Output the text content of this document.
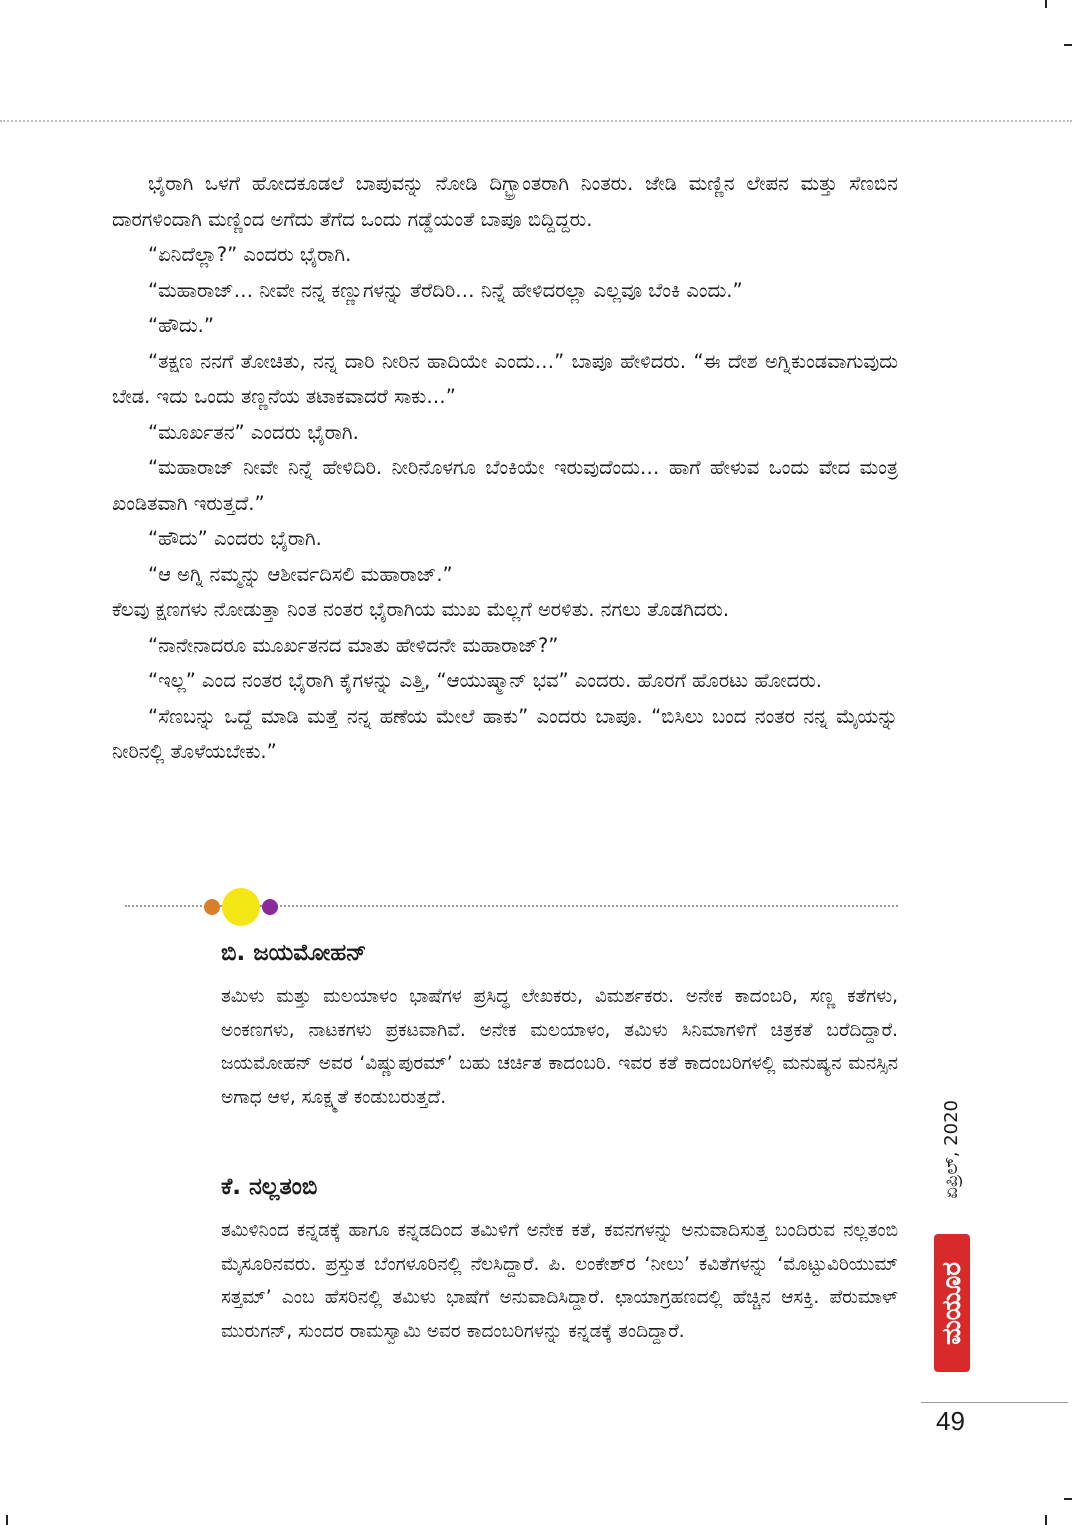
ಭೈರಾಗಿ ಒಳಗೆ ಹೋದಕೂಡಲೆ ಬಾಪುವನ್ನು ನೋಡಿ ದಿಗ್ಭ್ರಾಂತರಾಗಿ ನಿಂತರು. ಜೇಡಿ ಮಣ್ಣಿನ ಲೇಪನ ಮತ್ತು ಸೆಣಬಿನ ದಾರಗಳಿಂದಾಗಿ ಮಣ್ಣಿಂದ ಅಗೆದು ತೆಗೆದ ಒಂದು ಗಡ್ಡೆಯಂತೆ ಬಾಪೂ ಬಿದ್ದಿದ್ದರು.

“ಏನಿದೆಲ್ಲಾ?” ಎಂದರು ಭೈರಾಗಿ.

“ಮಹಾರಾಜ್… ನೀವೇ ನನ್ನ ಕಣ್ಣುಗಳನ್ನು ತೆರೆದಿರಿ… ನಿನ್ನೆ ಹೇಳಿದರಲ್ಲಾ ಎಲ್ಲವೂ ಬೆಂಕಿ ಎಂದು.”

“ಹೌದು.”

“ತಕ್ಷಣ ನನಗೆ ತೋಚಿತು, ನನ್ನ ದಾರಿ ನೀರಿನ ಹಾದಿಯೇ ಎಂದು…” ಬಾಪೂ ಹೇಳಿದರು. “ಈ ದೇಶ ಅಗ್ನಿಕುಂಡವಾಗುವುದು ಬೇಡ. ಇದು ಒಂದು ತಣ್ಣನೆಯ ತಟಾಕವಾದರೆ ಸಾಕು…”

“ಮೂರ್ಖತನ” ಎಂದರು ಭೈರಾಗಿ.

“ಮಹಾರಾಜ್ ನೀವೇ ನಿನ್ನೆ ಹೇಳಿದಿರಿ. ನೀರಿನೊಳಗೂ ಬೆಂಕಿಯೇ ಇರುವುದೆಂದು… ಹಾಗೆ ಹೇಳುವ ಒಂದು ವೇದ ಮಂತ್ರ ಖಂಡಿತವಾಗಿ ಇರುತ್ತದೆ.”

“ಹೌದು” ಎಂದರು ಭೈರಾಗಿ.

“ಆ ಅಗ್ನಿ ನಮ್ಮನ್ನು ಆಶೀರ್ವದಿಸಲಿ ಮಹಾರಾಜ್.”

ಕೆಲವು ಕ್ಷಣಗಳು ನೋಡುತ್ತಾ ನಿಂತ ನಂತರ ಭೈರಾಗಿಯ ಮುಖ ಮೆಲ್ಲಗೆ ಅರಳಿತು. ನಗಲು ತೊಡಗಿದರು.

“ನಾನೇನಾದರೂ ಮೂರ್ಖತನದ ಮಾತು ಹೇಳಿದನೇ ಮಹಾರಾಜ್?”

“ಇಲ್ಲ” ಎಂದ ನಂತರ ಭೈರಾಗಿ ಕೈಗಳನ್ನು ಎತ್ತಿ, “ಆಯುಷ್ಮಾನ್ ಭವ” ಎಂದರು. ಹೊರಗೆ ಹೊರಟು ಹೋದರು.

“ಸೆಣಬನ್ನು ಒದ್ದೆ ಮಾಡಿ ಮತ್ತೆ ನನ್ನ ಹಣೆಯ ಮೇಲೆ ಹಾಕು” ಎಂದರು ಬಾಪೂ. “ಬಿಸಿಲು ಬಂದ ನಂತರ ನನ್ನ ಮೈಯನ್ನು ನೀರಿನಲ್ಲಿ ತೊಳೆಯಬೇಕು.”

ಬಿ. ಜಯಮೋಹನ್

ತಮಿಳು ಮತ್ತು ಮಲಯಾಳಂ ಭಾಷೆಗಳ ಪ್ರಸಿದ್ಧ ಲೇಖಕರು, ವಿಮರ್ಶಕರು. ಅನೇಕ ಕಾದಂಬರಿ, ಸಣ್ಣ ಕತೆಗಳು, ಅಂಕಣಗಳು, ನಾಟಕಗಳು ಪ್ರಕಟವಾಗಿವೆ. ಅನೇಕ ಮಲಯಾಳಂ, ತಮಿಳು ಸಿನಿಮಾಗಳಿಗೆ ಚಿತ್ರಕತೆ ಬರೆದಿದ್ದಾರೆ. ಜಯಮೋಹನ್ ಅವರ ‘ವಿಷ್ಣುಪುರಮ್’ ಬಹು ಚರ್ಚಿತ ಕಾದಂಬರಿ. ಇವರ ಕತೆ ಕಾದಂಬರಿಗಳಲ್ಲಿ ಮನುಷ್ಯನ ಮನಸ್ಸಿನ ಅಗಾಧ ಆಳ, ಸೂಕ್ಷ್ಮತೆ ಕಂಡುಬರುತ್ತದೆ.

ಕೆ. ನಲ್ಲತಂಬಿ

ತಮಿಳಿನಿಂದ ಕನ್ನಡಕ್ಕೆ ಹಾಗೂ ಕನ್ನಡದಿಂದ ತಮಿಳಿಗೆ ಅನೇಕ ಕತೆ, ಕವನಗಳನ್ನು ಅನುವಾದಿಸುತ್ತ ಬಂದಿರುವ ನಲ್ಲತಂಬಿ ಮೈಸೂರಿನವರು. ಪ್ರಸ್ತುತ ಬೆಂಗಳೂರಿನಲ್ಲಿ ನೆಲಸಿದ್ದಾರೆ. ಪಿ. ಲಂಕೇಶ್‌ರ ‘ನೀಲು’ ಕವಿತೆಗಳನ್ನು ‘ಮೊಟ್ಟುವಿರಿಯುಮ್ ಸತ್ತಮ್’ ಎಂಬ ಹೆಸರಿನಲ್ಲಿ ತಮಿಳು ಭಾಷೆಗೆ ಅನುವಾದಿಸಿದ್ದಾರೆ. ಛಾಯಾಗ್ರಹಣದಲ್ಲಿ ಹೆಚ್ಚಿನ ಆಸಕ್ತಿ. ಪೆರುಮಾಳ್ ಮುರುಗನ್, ಸುಂದರ ರಾಮಸ್ವಾಮಿ ಅವರ ಕಾದಂಬರಿಗಳನ್ನು ಕನ್ನಡಕ್ಕೆ ತಂದಿದ್ದಾರೆ.

ಏಪ್ರಿಲ್, 2020
ಮಯೂರ
49
